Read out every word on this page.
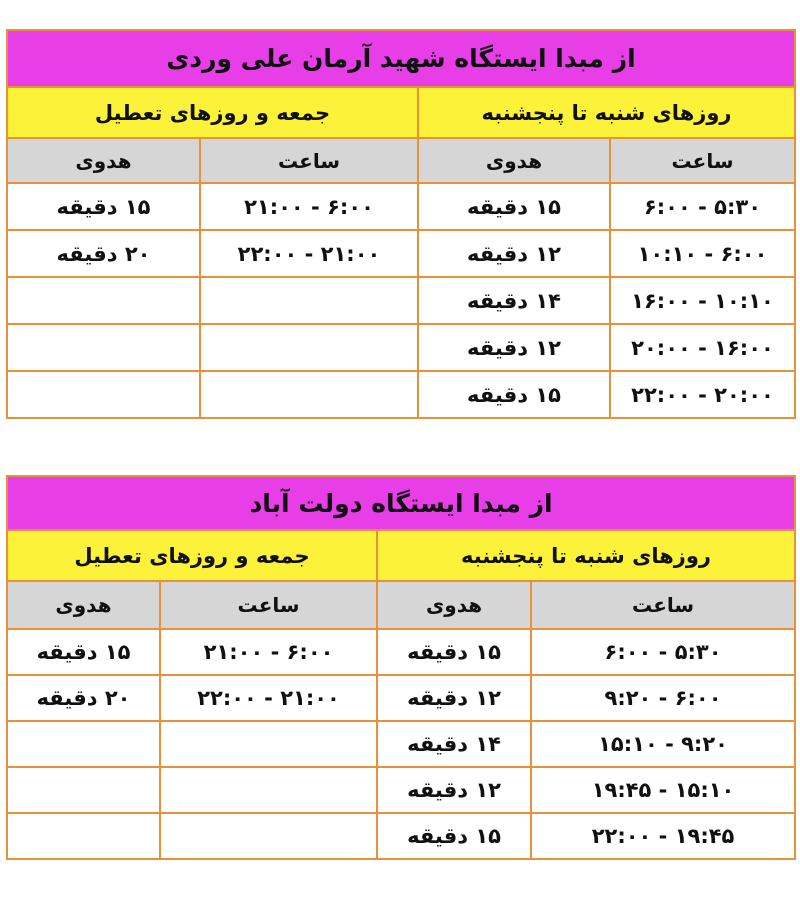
از مبدا ایستگاه شهید آرمان علی وردی			
روزهای شنبه تا پنجشنبه		جمعه و روزهای تعطیل	
ساعت	هدوی	ساعت	هدوی
۵:۳۰ - ۶:۰۰	۱۵ دقیقه	۶:۰۰ - ۲۱:۰۰	۱۵ دقیقه
۶:۰۰ - ۱۰:۱۰	۱۲ دقیقه	۲۱:۰۰ - ۲۲:۰۰	۲۰ دقیقه
۱۰:۱۰ - ۱۶:۰۰	۱۴ دقیقه		
۱۶:۰۰ - ۲۰:۰۰	۱۲ دقیقه		
۲۰:۰۰ - ۲۲:۰۰	۱۵ دقیقه		
از مبدا ایستگاه دولت آباد			
روزهای شنبه تا پنجشنبه		جمعه و روزهای تعطیل	
ساعت	هدوی	ساعت	هدوی
۵:۳۰ - ۶:۰۰	۱۵ دقیقه	۶:۰۰ - ۲۱:۰۰	۱۵ دقیقه
۶:۰۰ - ۹:۲۰	۱۲ دقیقه	۲۱:۰۰ - ۲۲:۰۰	۲۰ دقیقه
۹:۲۰ - ۱۵:۱۰	۱۴ دقیقه		
۱۵:۱۰ - ۱۹:۴۵	۱۲ دقیقه		
۱۹:۴۵ - ۲۲:۰۰	۱۵ دقیقه		
